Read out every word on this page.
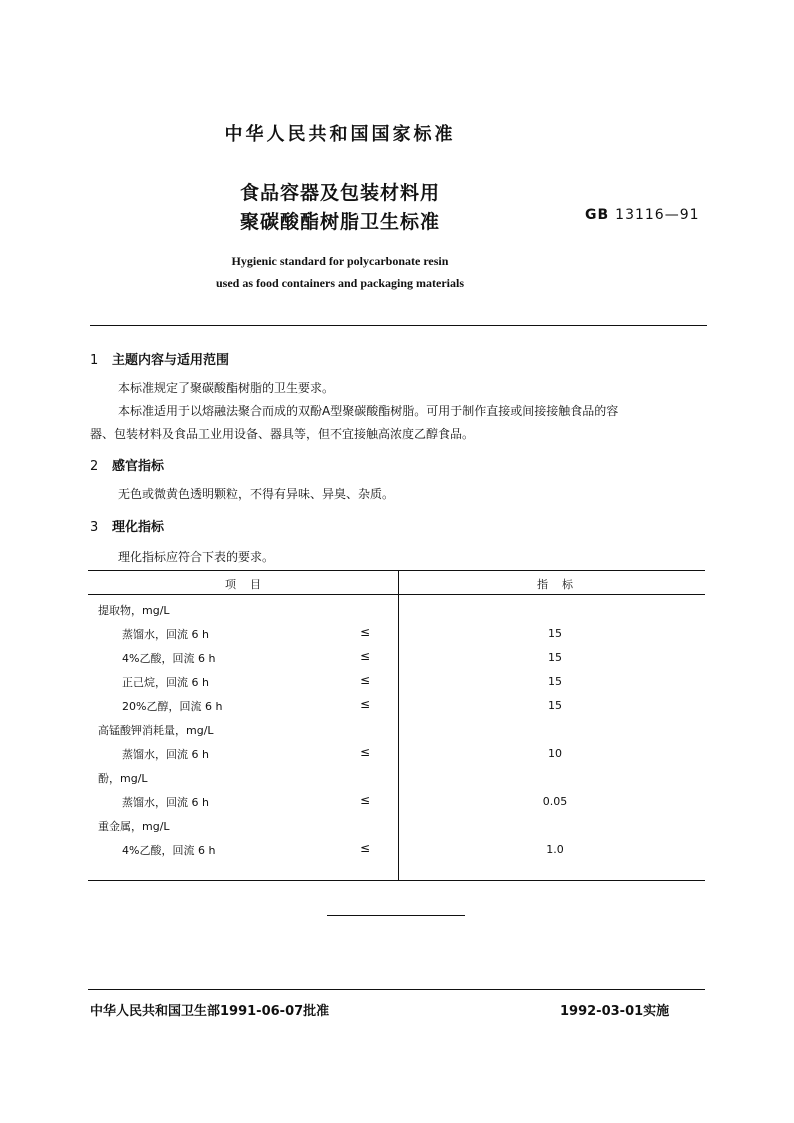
中华人民共和国国家标准
食品容器及包装材料用
聚碳酸酯树脂卫生标准	GB 13116—91
Hygienic standard for polycarbonate resin
used as food containers and packaging materials
1 主题内容与适用范围
本标准规定了聚碳酸酯树脂的卫生要求。
本标准适用于以熔融法聚合而成的双酚A型聚碳酸酯树脂。可用于制作直接或间接接触食品的容
器、包装材料及食品工业用设备、器具等，但不宜接触高浓度乙醇食品。
2 感官指标
无色或微黄色透明颗粒，不得有异味、异臭、杂质。
3 理化指标
理化指标应符合下表的要求。
项    目	指    标
提取物，mg/L
蒸馏水，回流 6 h	≤	15
4%乙酸，回流 6 h	≤	15
正己烷，回流 6 h	≤	15
20%乙醇，回流 6 h	≤	15
高锰酸钾消耗量，mg/L
蒸馏水，回流 6 h	≤	10
酚，mg/L
蒸馏水，回流 6 h	≤	0.05
重金属，mg/L
4%乙酸，回流 6 h	≤	1.0
中华人民共和国卫生部1991-06-07批准	1992-03-01实施
